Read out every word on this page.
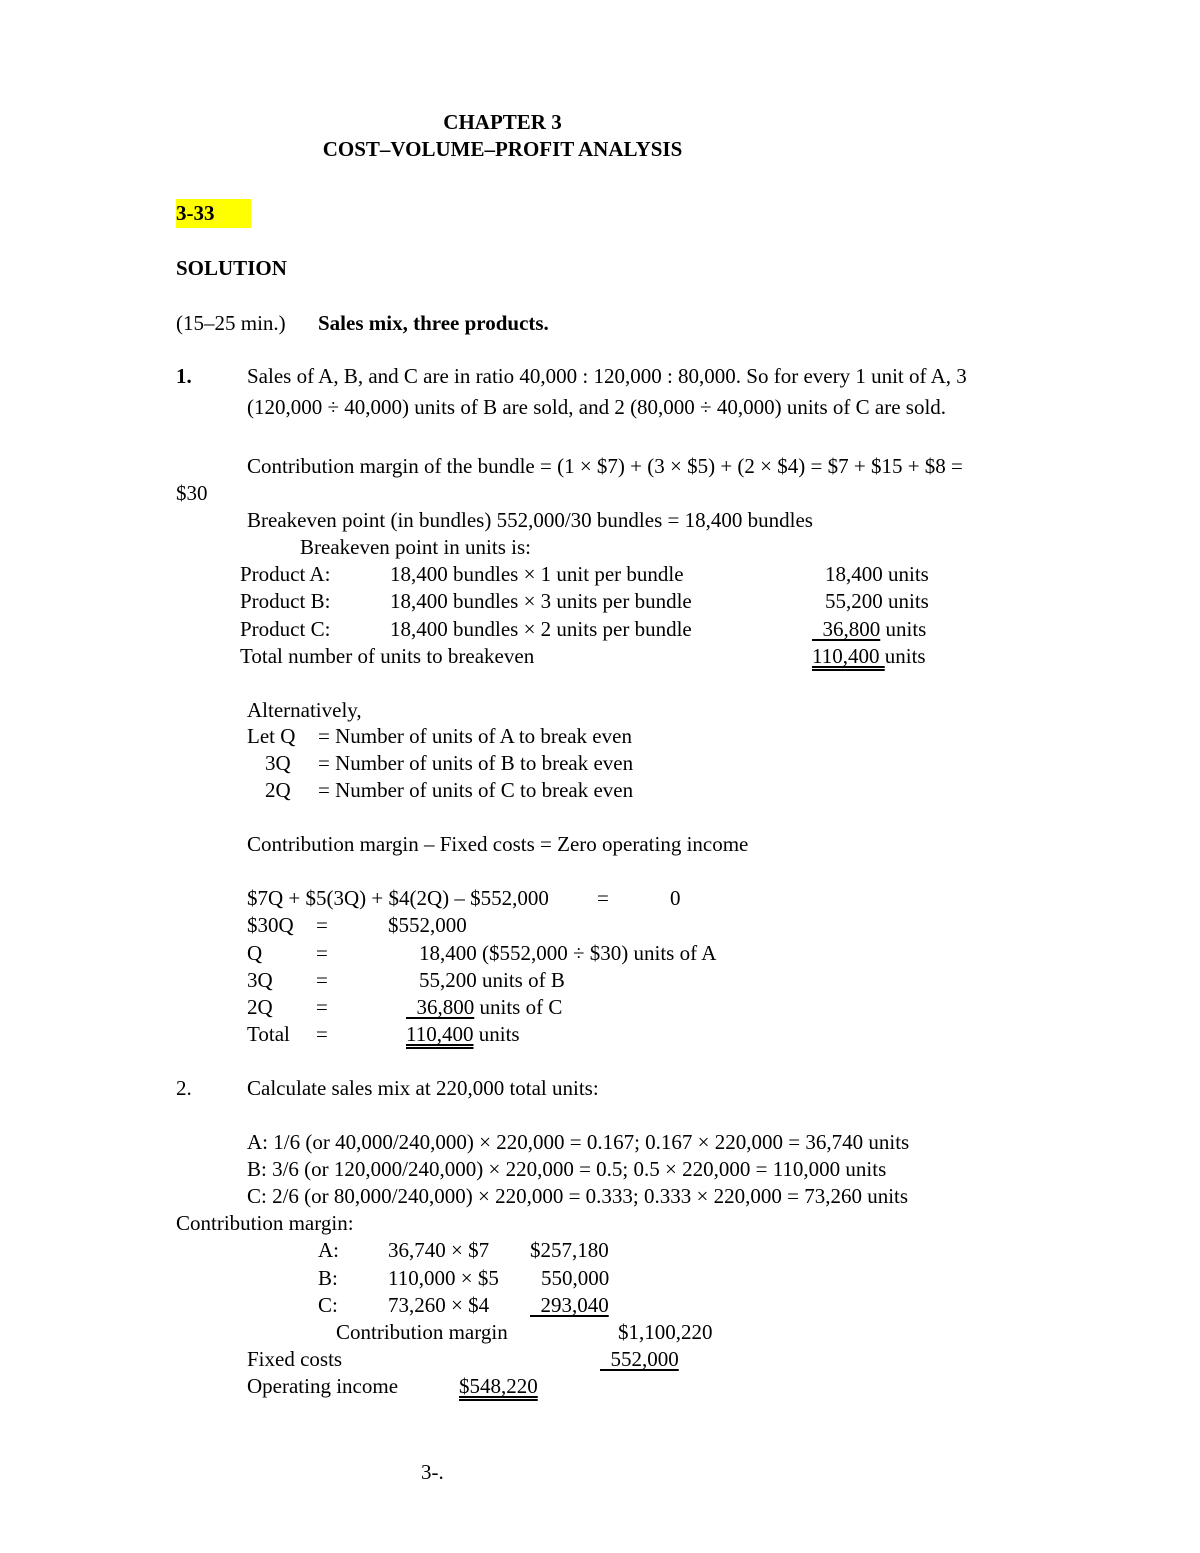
CHAPTER 3
COST–VOLUME–PROFIT ANALYSIS
3-33
SOLUTION
(15–25 min.) Sales mix, three products.
1.	Sales of A, B, and C are in ratio 40,000 : 120,000 : 80,000. So for every 1 unit of A, 3
(120,000 ÷ 40,000) units of B are sold, and 2 (80,000 ÷ 40,000) units of C are sold.
Contribution margin of the bundle = (1 × $7) + (3 × $5) + (2 × $4) = $7 + $15 + $8 =
$30
Breakeven point (in bundles) 552,000/30 bundles = 18,400 bundles
Breakeven point in units is:
Product A:	18,400 bundles × 1 unit per bundle	18,400 units
Product B:	18,400 bundles × 3 units per bundle	55,200 units
Product C:	18,400 bundles × 2 units per bundle	36,800 units
Total number of units to breakeven	110,400 units
Alternatively,
Let Q = Number of units of A to break even
3Q = Number of units of B to break even
2Q = Number of units of C to break even
Contribution margin – Fixed costs = Zero operating income
$7Q + $5(3Q) + $4(2Q) – $552,000 =	0
$30Q =	$552,000
Q	=	18,400 ($552,000 ÷ $30) units of A
3Q =	55,200 units of B
2Q =	36,800 units of C
Total =	110,400 units
2.	Calculate sales mix at 220,000 total units:
A: 1/6 (or 40,000/240,000) × 220,000 = 0.167; 0.167 × 220,000 = 36,740 units
B: 3/6 (or 120,000/240,000) × 220,000 = 0.5; 0.5 × 220,000 = 110,000 units
C: 2/6 (or 80,000/240,000) × 220,000 = 0.333; 0.333 × 220,000 = 73,260 units
Contribution margin:
A: 36,740 × $7 $257,180
B: 110,000 × $5 550,000
C: 73,260 × $4	293,040
Contribution margin	$1,100,220
Fixed costs	552,000
Operating income	$548,220
3-.
